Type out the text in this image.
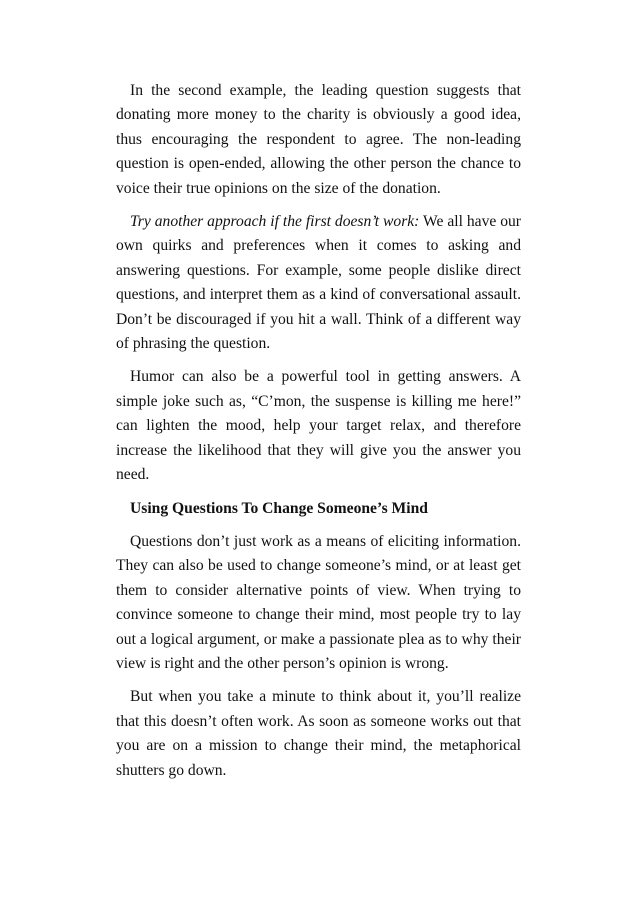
In the second example, the leading question suggests that donating more money to the charity is obviously a good idea, thus encouraging the respondent to agree. The non-leading question is open-ended, allowing the other person the chance to voice their true opinions on the size of the donation.

Try another approach if the first doesn’t work: We all have our own quirks and preferences when it comes to asking and answering questions. For example, some people dislike direct questions, and interpret them as a kind of conversational assault. Don’t be discouraged if you hit a wall. Think of a different way of phrasing the question.

Humor can also be a powerful tool in getting answers. A simple joke such as, “C’mon, the suspense is killing me here!” can lighten the mood, help your target relax, and therefore increase the likelihood that they will give you the answer you need.

Using Questions To Change Someone’s Mind

Questions don’t just work as a means of eliciting information. They can also be used to change someone’s mind, or at least get them to consider alternative points of view. When trying to convince someone to change their mind, most people try to lay out a logical argument, or make a passionate plea as to why their view is right and the other person’s opinion is wrong.

But when you take a minute to think about it, you’ll realize that this doesn’t often work. As soon as someone works out that you are on a mission to change their mind, the metaphorical shutters go down.
